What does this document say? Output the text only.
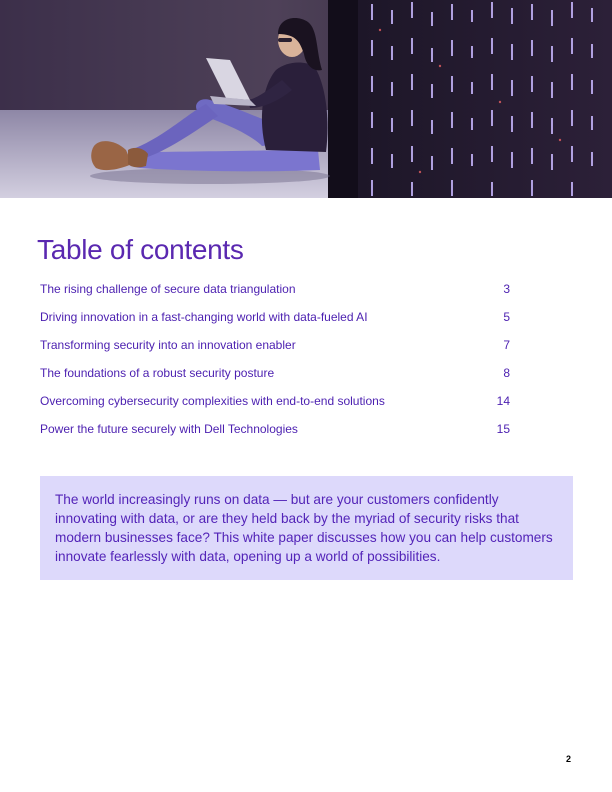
Table of contents
The rising challenge of secure data triangulation	3
Driving innovation in a fast-changing world with data-fueled AI	5
Transforming security into an innovation enabler	7
The foundations of a robust security posture	8
Overcoming cybersecurity complexities with end-to-end solutions	14
Power the future securely with Dell Technologies	15

The world increasingly runs on data — but are your customers confidently innovating with data, or are they held back by the myriad of security risks that modern businesses face? This white paper discusses how you can help customers innovate fearlessly with data, opening up a world of possibilities.

2
